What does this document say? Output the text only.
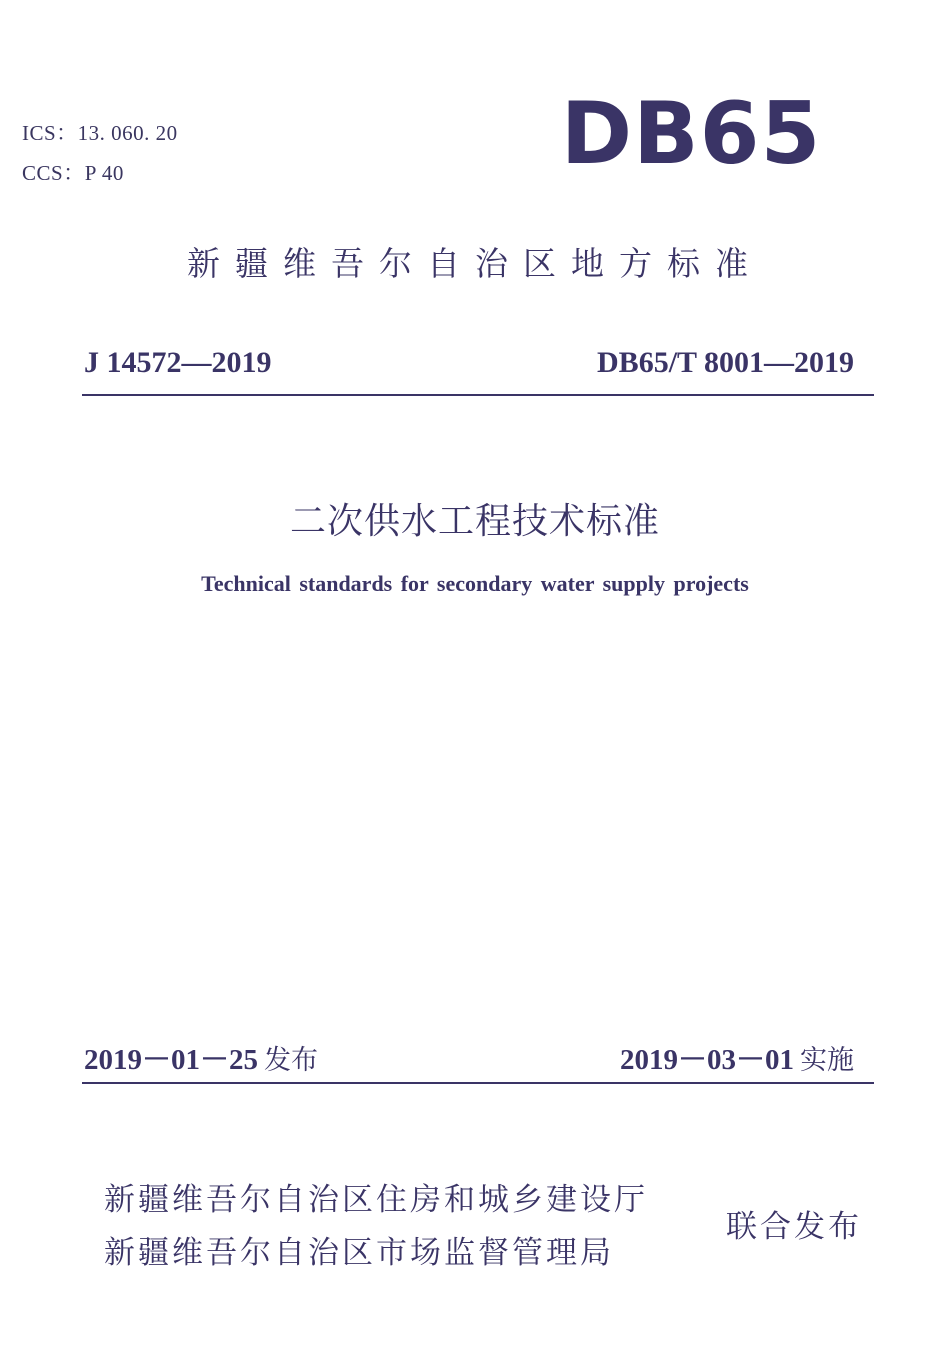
ICS：13. 060. 20
CCS：P 40	DB65
新疆维吾尔自治区地方标准
J 14572—2019	DB65/T 8001—2019
二次供水工程技术标准
Technical standards for secondary water supply projects
2019－01－25 发布	2019－03－01 实施
新疆维吾尔自治区住房和城乡建设厅
新疆维吾尔自治区市场监督管理局
联合发布
